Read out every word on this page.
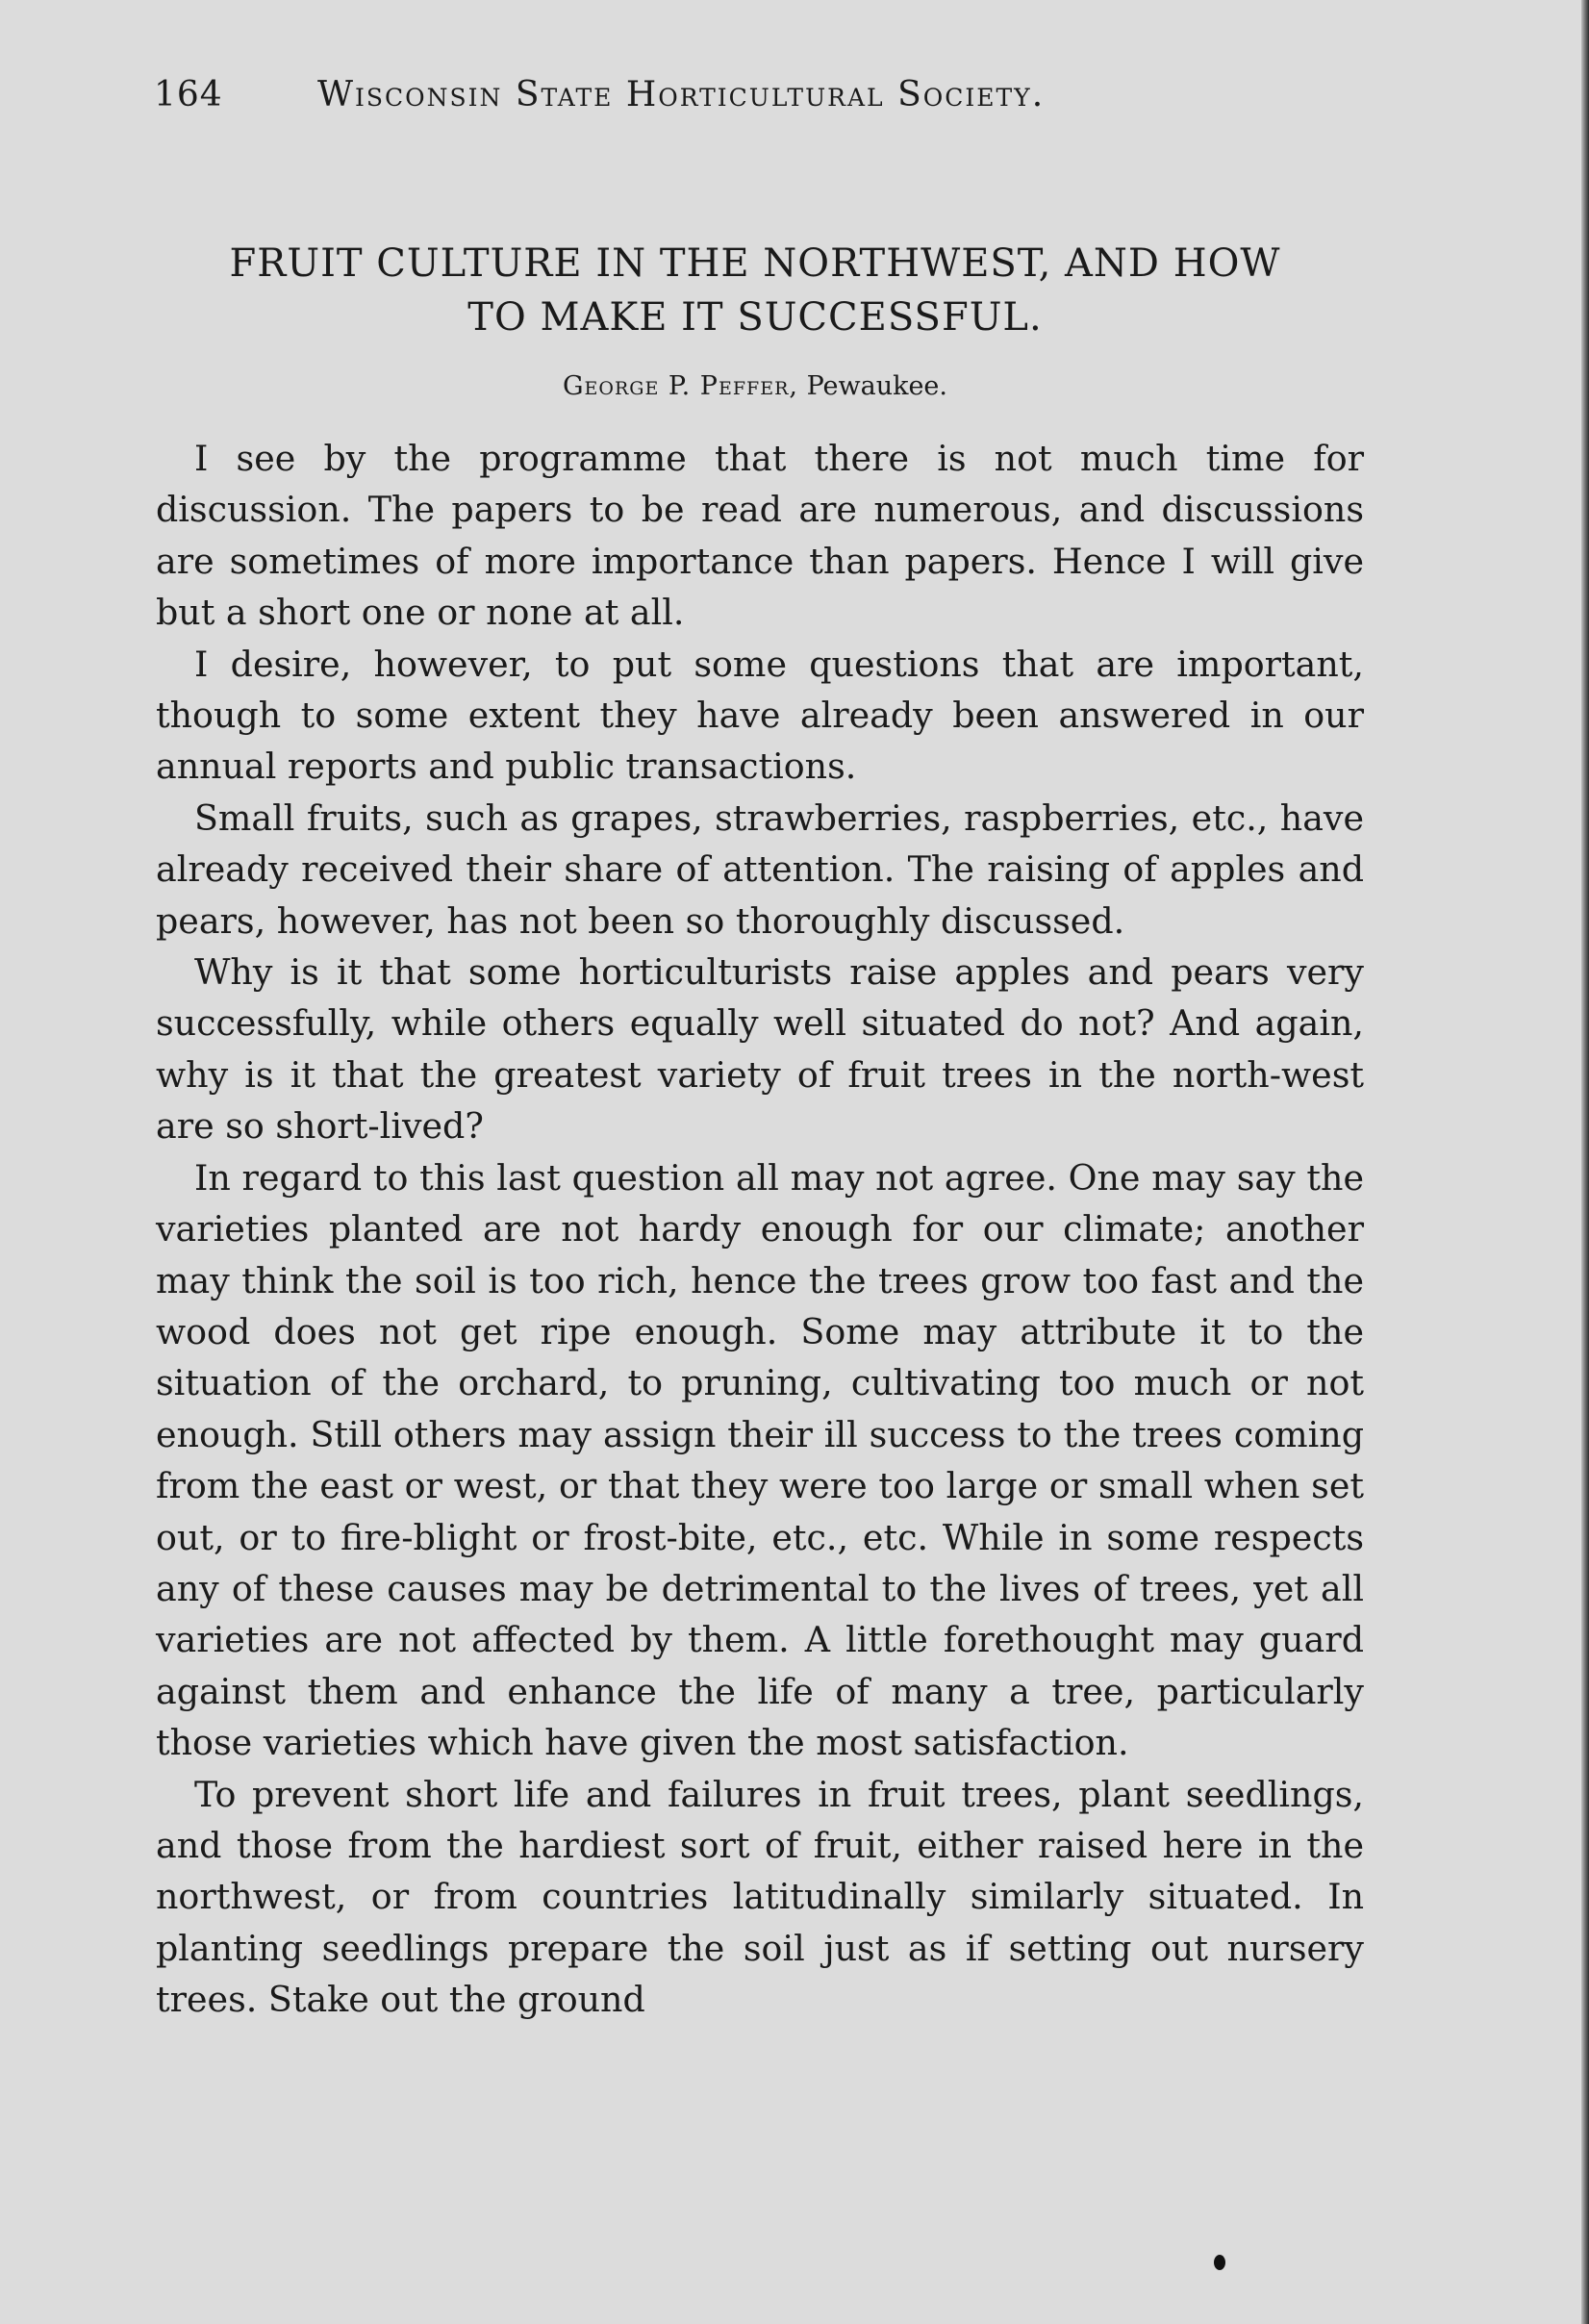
164	Wisconsin State Horticultural Society.
FRUIT CULTURE IN THE NORTHWEST, AND HOW
TO MAKE IT SUCCESSFUL.
George P. Peffer, Pewaukee.

I see by the programme that there is not much time for discussion. The papers to be read are numerous, and discussions are sometimes of more importance than papers. Hence I will give but a short one or none at all.

I desire, however, to put some questions that are important, though to some extent they have already been answered in our annual reports and public transactions.

Small fruits, such as grapes, strawberries, raspberries, etc., have already received their share of attention. The raising of apples and pears, however, has not been so thoroughly discussed.

Why is it that some horticulturists raise apples and pears very successfully, while others equally well situated do not? And again, why is it that the greatest variety of fruit trees in the north-west are so short-lived?

In regard to this last question all may not agree. One may say the varieties planted are not hardy enough for our climate; another may think the soil is too rich, hence the trees grow too fast and the wood does not get ripe enough. Some may attribute it to the situation of the orchard, to pruning, cultivating too much or not enough. Still others may assign their ill success to the trees coming from the east or west, or that they were too large or small when set out, or to fire-blight or frost-bite, etc., etc. While in some respects any of these causes may be detrimental to the lives of trees, yet all varieties are not affected by them. A little forethought may guard against them and enhance the life of many a tree, particularly those varieties which have given the most satisfaction.

To prevent short life and failures in fruit trees, plant seedlings, and those from the hardiest sort of fruit, either raised here in the northwest, or from countries latitudinally similarly situated. In planting seedlings prepare the soil just as if setting out nursery trees. Stake out the ground
